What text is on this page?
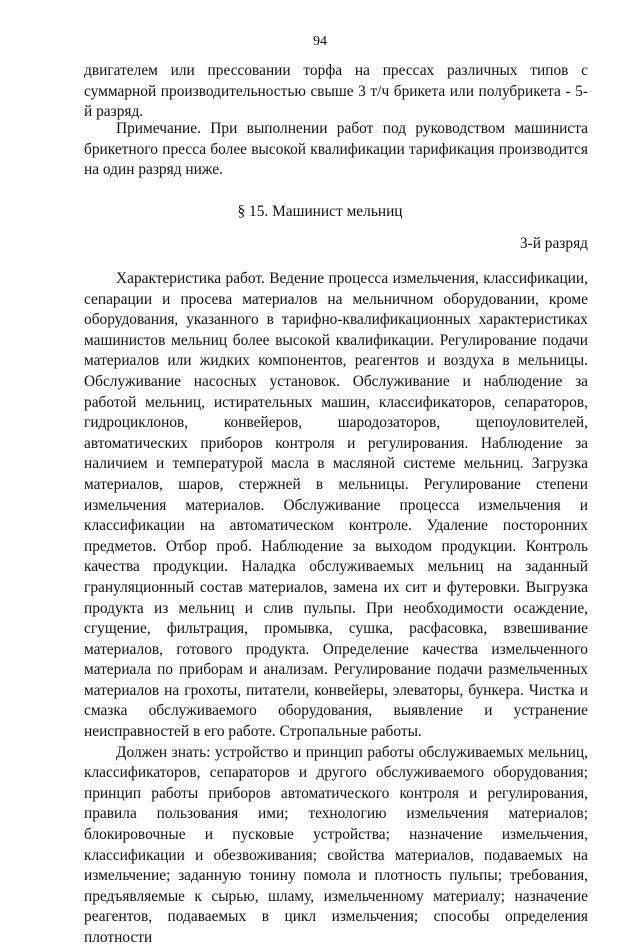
94

двигателем или прессовании торфа на прессах различных типов с суммарной производительностью свыше 3 т/ч брикета или полубрикета - 5-й разряд.

Примечание. При выполнении работ под руководством машиниста брикетного пресса более высокой квалификации тарификация производится на один разряд ниже.

§ 15. Машинист мельниц
3-й разряд

Характеристика работ. Ведение процесса измельчения, классификации, сепарации и просева материалов на мельничном оборудовании, кроме оборудования, указанного в тарифно-квалификационных характеристиках машинистов мельниц более высокой квалификации. Регулирование подачи материалов или жидких компонентов, реагентов и воздуха в мельницы. Обслуживание насосных установок. Обслуживание и наблюдение за работой мельниц, истирательных машин, классификаторов, сепараторов, гидроциклонов, конвейеров, шародозаторов, щепоуловителей, автоматических приборов контроля и регулирования. Наблюдение за наличием и температурой масла в масляной системе мельниц. Загрузка материалов, шаров, стержней в мельницы. Регулирование степени измельчения материалов. Обслуживание процесса измельчения и классификации на автоматическом контроле. Удаление посторонних предметов. Отбор проб. Наблюдение за выходом продукции. Контроль качества продукции. Наладка обслуживаемых мельниц на заданный грануляционный состав материалов, замена их сит и футеровки. Выгрузка продукта из мельниц и слив пульпы. При необходимости осаждение, сгущение, фильтрация, промывка, сушка, расфасовка, взвешивание материалов, готового продукта. Определение качества измельченного материала по приборам и анализам. Регулирование подачи размельченных материалов на грохоты, питатели, конвейеры, элеваторы, бункера. Чистка и смазка обслуживаемого оборудования, выявление и устранение неисправностей в его работе. Стропальные работы.

Должен знать: устройство и принцип работы обслуживаемых мельниц, классификаторов, сепараторов и другого обслуживаемого оборудования; принцип работы приборов автоматического контроля и регулирования, правила пользования ими; технологию измельчения материалов; блокировочные и пусковые устройства; назначение измельчения, классификации и обезвоживания; свойства материалов, подаваемых на измельчение; заданную тонину помола и плотность пульпы; требования, предъявляемые к сырью, шламу, измельченному материалу; назначение реагентов, подаваемых в цикл измельчения; способы определения плотности
